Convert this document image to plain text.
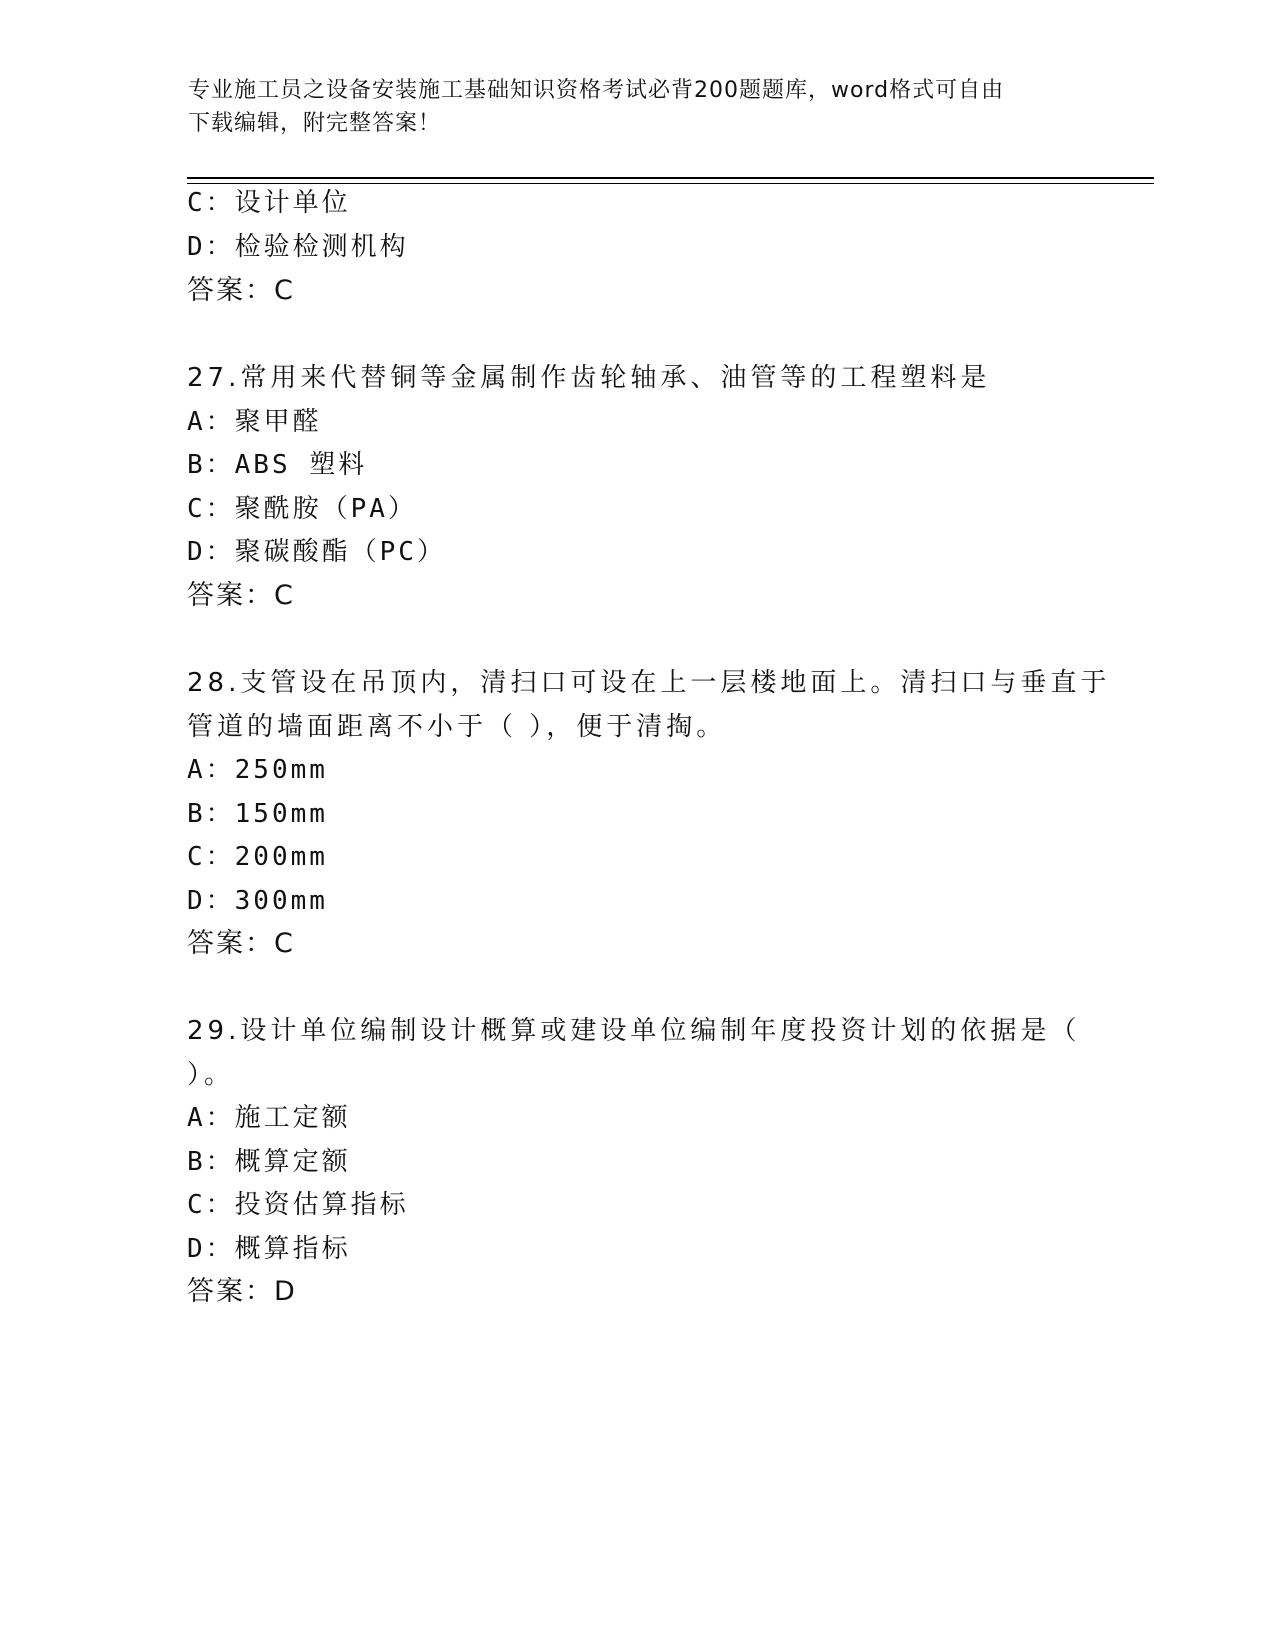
专业施工员之设备安装施工基础知识资格考试必背200题题库，word格式可自由
下载编辑，附完整答案！
C：设计单位
D：检验检测机构
答案：C
27.常用来代替铜等金属制作齿轮轴承、油管等的工程塑料是
A：聚甲醛
B：ABS 塑料
C：聚酰胺（PA）
D：聚碳酸酯（PC）
答案：C
28.支管设在吊顶内，清扫口可设在上一层楼地面上。清扫口与垂直于
管道的墙面距离不小于（ ），便于清掏。
A：250mm
B：150mm
C：200mm
D：300mm
答案：C
29.设计单位编制设计概算或建设单位编制年度投资计划的依据是（
）。
A：施工定额
B：概算定额
C：投资估算指标
D：概算指标
答案：D
